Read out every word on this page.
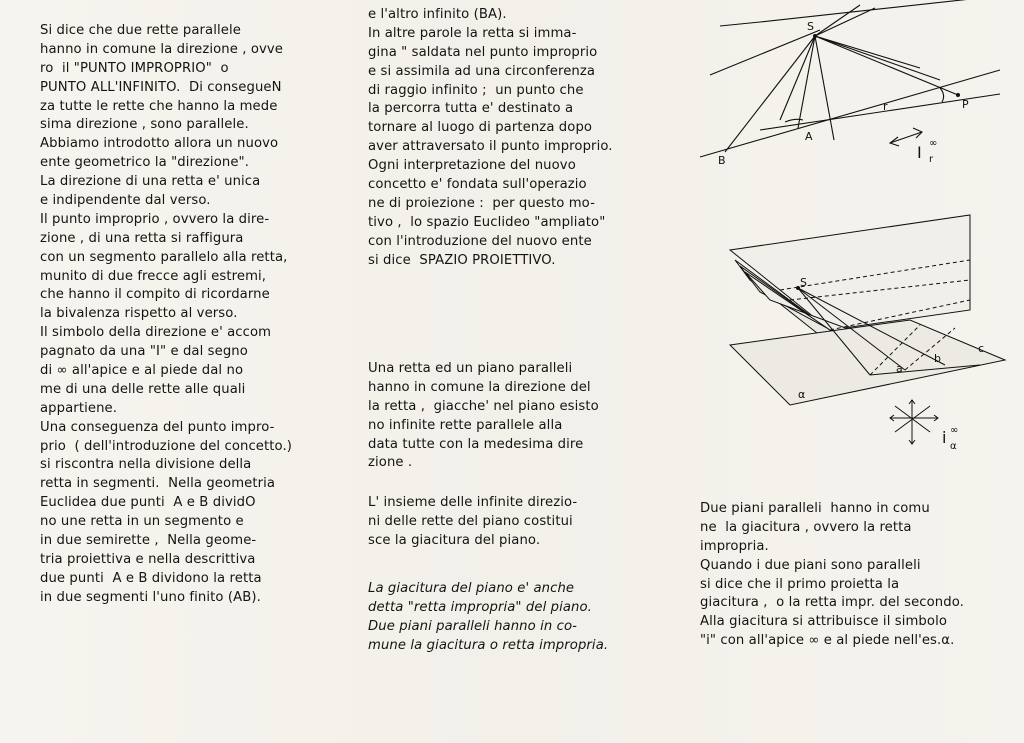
Si dice che due rette parallele
hanno in comune la direzione , ovve
ro  il "PUNTO IMPROPRIO"  o
PUNTO ALL'INFINITO.  Di consegueN
za tutte le rette che hanno la mede
sima direzione , sono parallele.
Abbiamo introdotto allora un nuovo
ente geometrico la "direzione".
La direzione di una retta e' unica
e indipendente dal verso.
Il punto improprio , ovvero la dire-
zione , di una retta si raffigura
con un segmento parallelo alla retta,
munito di due frecce agli estremi,
che hanno il compito di ricordarne
la bivalenza rispetto al verso.
Il simbolo della direzione e' accom
pagnato da una "I" e dal segno
di ∞ all'apice e al piede dal no
me di una delle rette alle quali
appartiene.
Una conseguenza del punto impro-
prio  ( dell'introduzione del concetto.)
si riscontra nella divisione della
retta in segmenti.  Nella geometria
Euclidea due punti  A e B dividO
no une retta in un segmento e
in due semirette ,  Nella geome-
tria proiettiva e nella descrittiva
due punti  A e B dividono la retta
in due segmenti l'uno finito (AB).
e l'altro infinito (BA).
In altre parole la retta si imma-
gina " saldata nel punto improprio
e si assimila ad una circonferenza
di raggio infinito ;  un punto che
la percorra tutta e' destinato a
tornare al luogo di partenza dopo
aver attraversato il punto improprio.
Ogni interpretazione del nuovo
concetto e' fondata sull'operazio
ne di proiezione :  per questo mo-
tivo ,  lo spazio Euclideo "ampliato"
con l'introduzione del nuovo ente
si dice  SPAZIO PROIETTIVO.
Una retta ed un piano paralleli
hanno in comune la direzione del
la retta ,  giacche' nel piano esisto
no infinite rette parallele alla
data tutte con la medesima dire
zione .
L' insieme delle infinite direzio-
ni delle rette del piano costitui
sce la giacitura del piano.
La giacitura del piano e' anche
detta "retta impropria" del piano.
Due piani paralleli hanno in co-
mune la giacitura o retta impropria.
Due piani paralleli  hanno in comu
ne  la giacitura , ovvero la retta
impropria.
Quando i due piani sono paralleli
si dice che il primo proietta la
giacitura ,  o la retta impr. del secondo.
Alla giacitura si attribuisce il simbolo
"i" con all'apice ∞ e al piede nell'es.α.
S
r
A
B
P
I ∞
r
S
a
b
c
α
i ∞
α
